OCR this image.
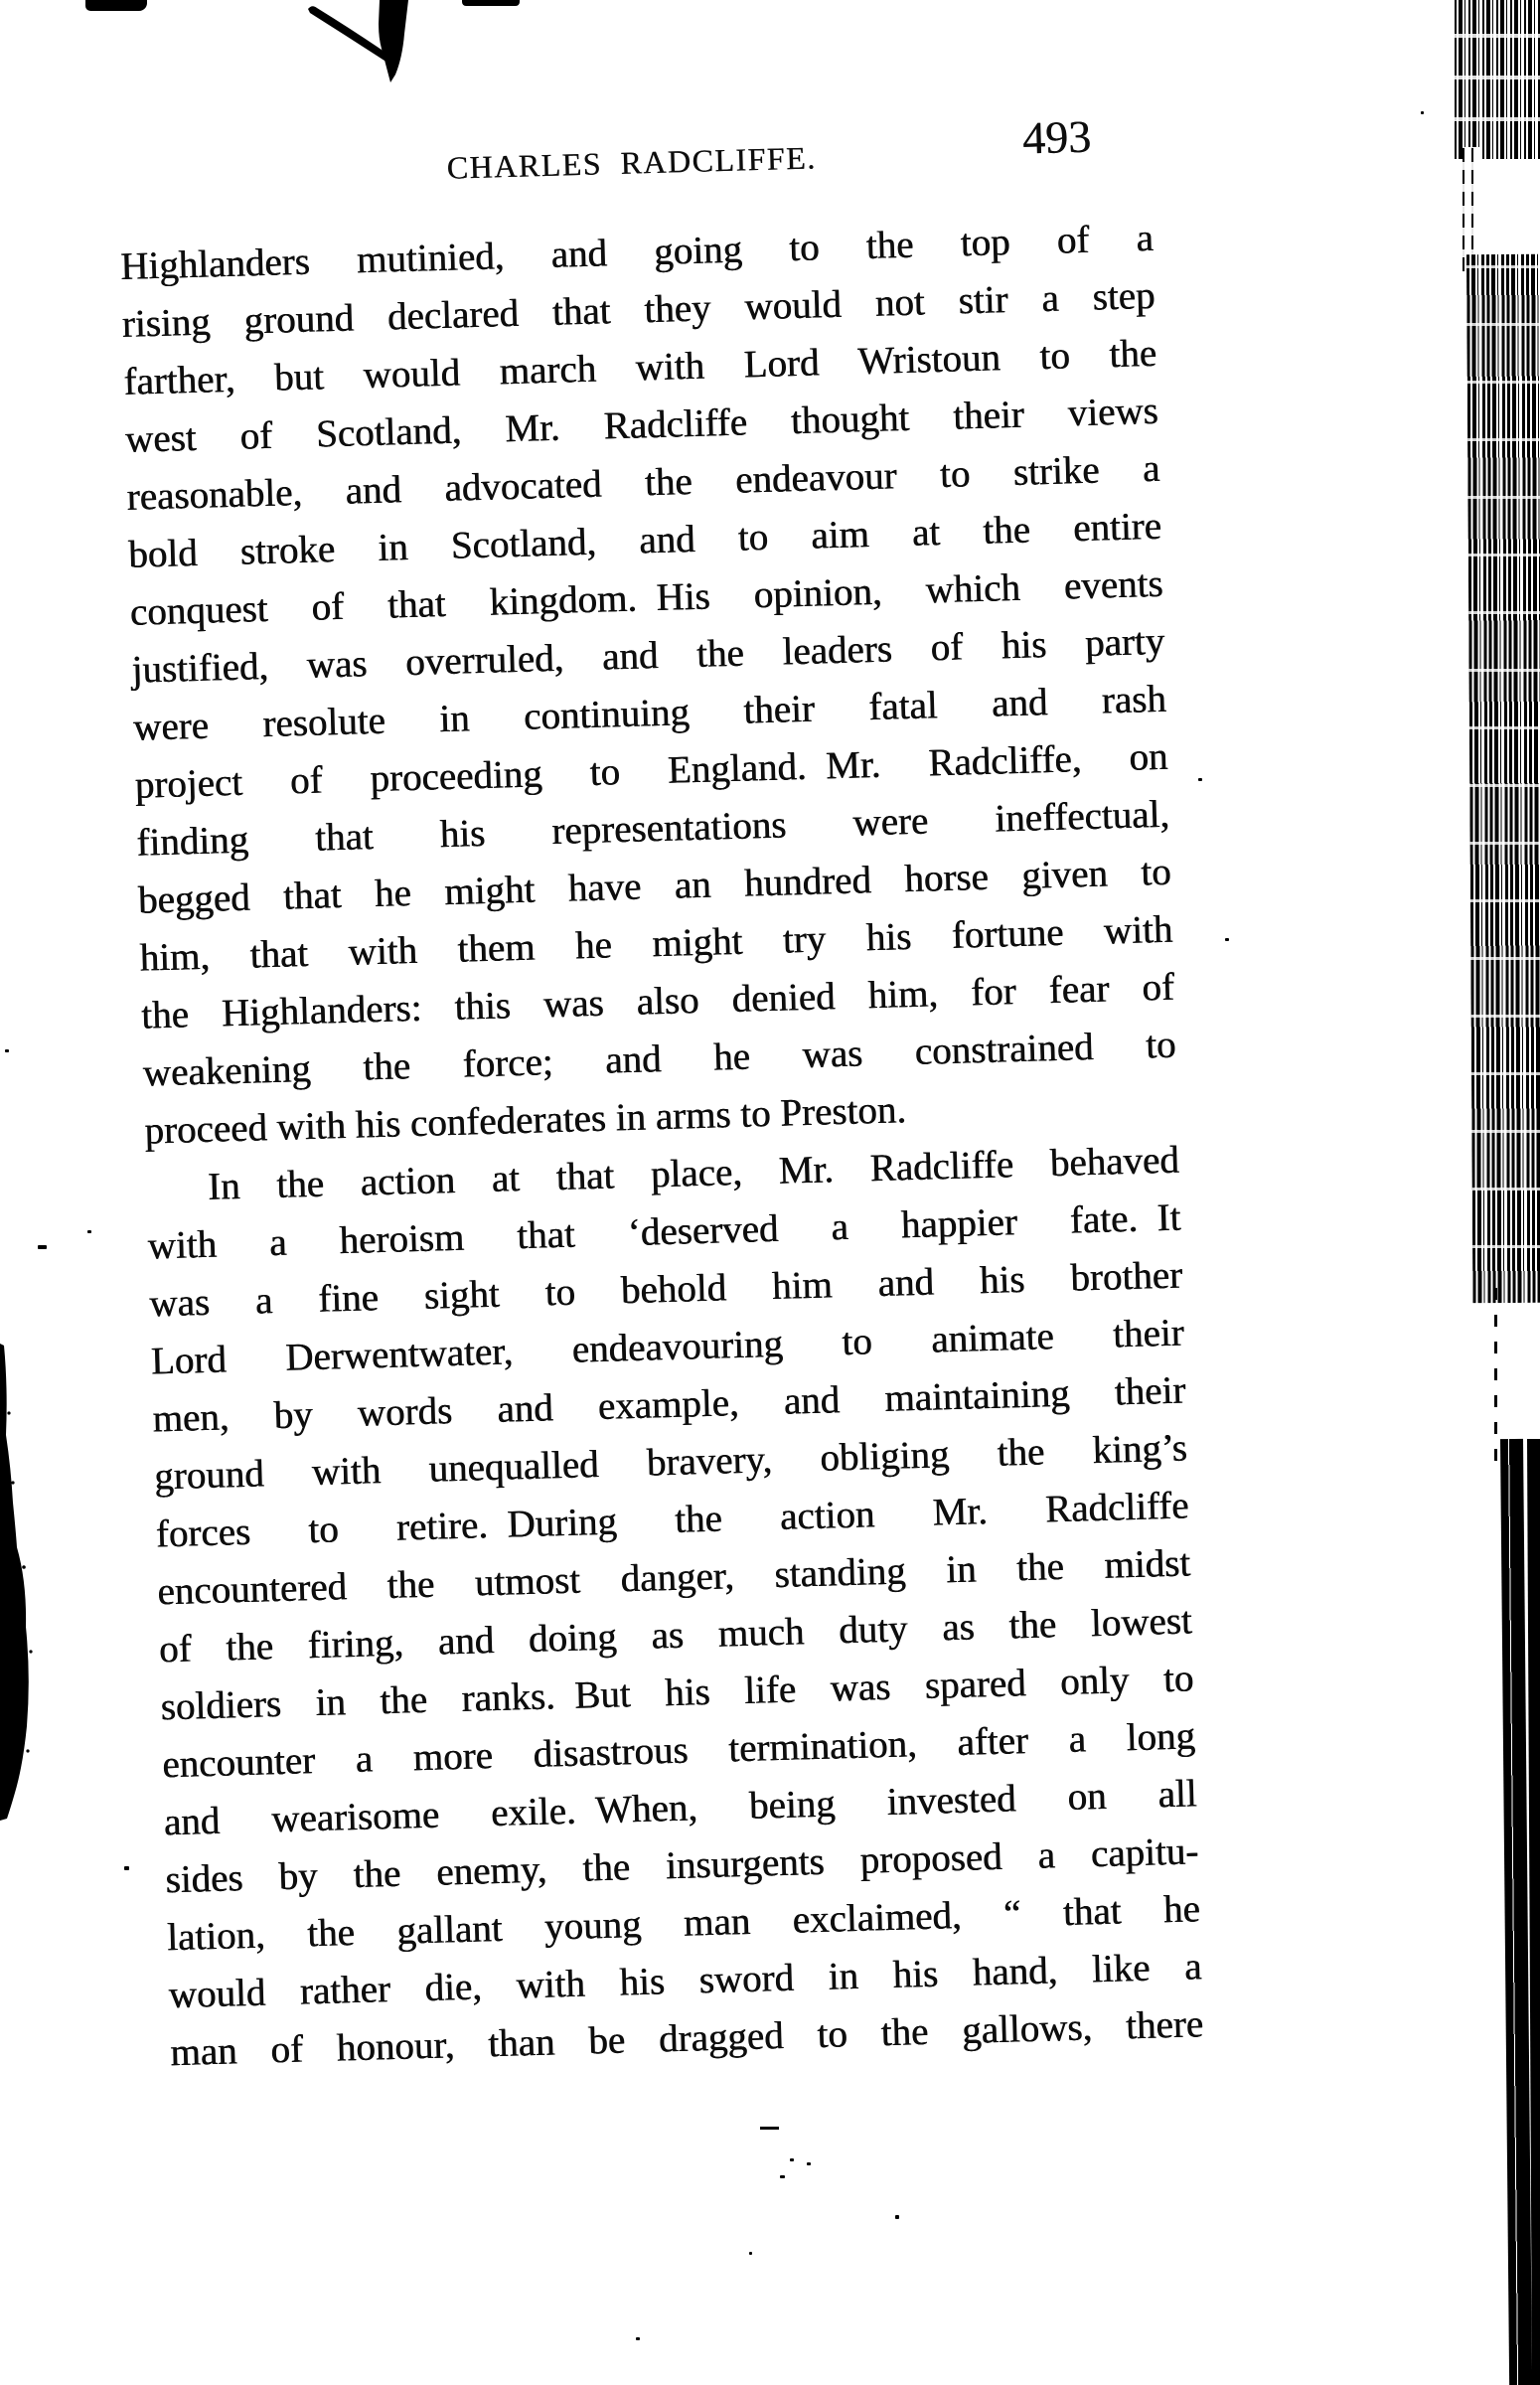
CHARLES RADCLIFFE.	493
Highlanders mutinied, and going to the top of a
rising ground declared that they would not stir a step
farther, but would march with Lord Wristoun to the
west of Scotland, Mr. Radcliffe thought their views
reasonable, and advocated the endeavour to strike a
bold stroke in Scotland, and to aim at the entire
conquest of that kingdom. His opinion, which events
justified, was overruled, and the leaders of his party
were resolute in continuing their fatal and rash
project of proceeding to England. Mr. Radcliffe, on
finding that his representations were ineffectual,
begged that he might have an hundred horse given to
him, that with them he might try his fortune with
the Highlanders: this was also denied him, for fear of
weakening the force; and he was constrained to
proceed with his confederates in arms to Preston.
In the action at that place, Mr. Radcliffe behaved
with a heroism that ‘deserved a happier fate. It
was a fine sight to behold him and his brother
Lord Derwentwater, endeavouring to animate their
men, by words and example, and maintaining their
ground with unequalled bravery, obliging the king’s
forces to retire. During the action Mr. Radcliffe
encountered the utmost danger, standing in the midst
of the firing, and doing as much duty as the lowest
soldiers in the ranks. But his life was spared only to
encounter a more disastrous termination, after a long
and wearisome exile. When, being invested on all
sides by the enemy, the insurgents proposed a capitu-
lation, the gallant young man exclaimed, “ that he
would rather die, with his sword in his hand, like a
man of honour, than be dragged to the gallows, there
